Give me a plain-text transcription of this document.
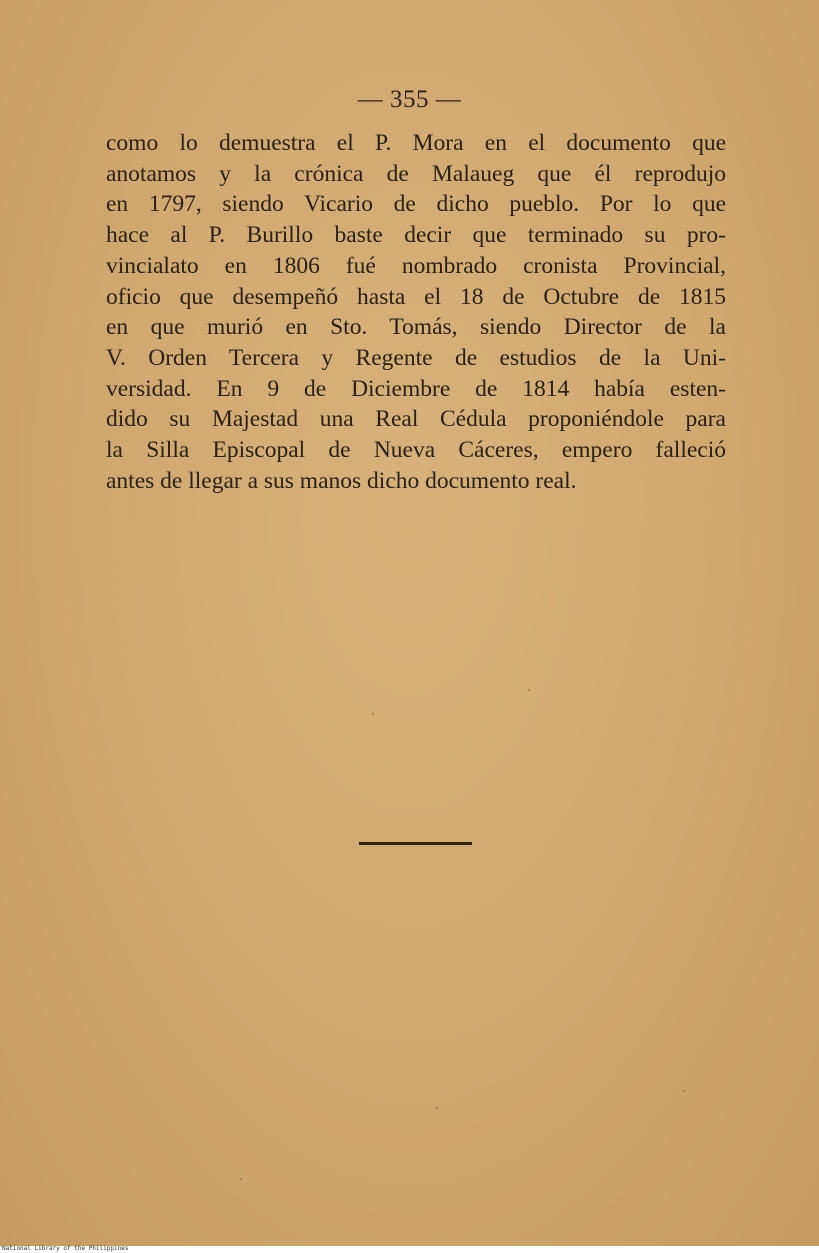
— 355 —
como lo demuestra el P. Mora en el documento que
anotamos y la crónica de Malaueg que él reprodujo
en 1797, siendo Vicario de dicho pueblo. Por lo que
hace al P. Burillo baste decir que terminado su pro-
vincialato en 1806 fué nombrado cronista Provincial,
oficio que desempeñó hasta el 18 de Octubre de 1815
en que murió en Sto. Tomás, siendo Director de la
V. Orden Tercera y Regente de estudios de la Uni-
versidad. En 9 de Diciembre de 1814 había esten-
dido su Majestad una Real Cédula proponiéndole para
la Silla Episcopal de Nueva Cáceres, empero falleció
antes de llegar a sus manos dicho documento real.
National Library of the Philippines
